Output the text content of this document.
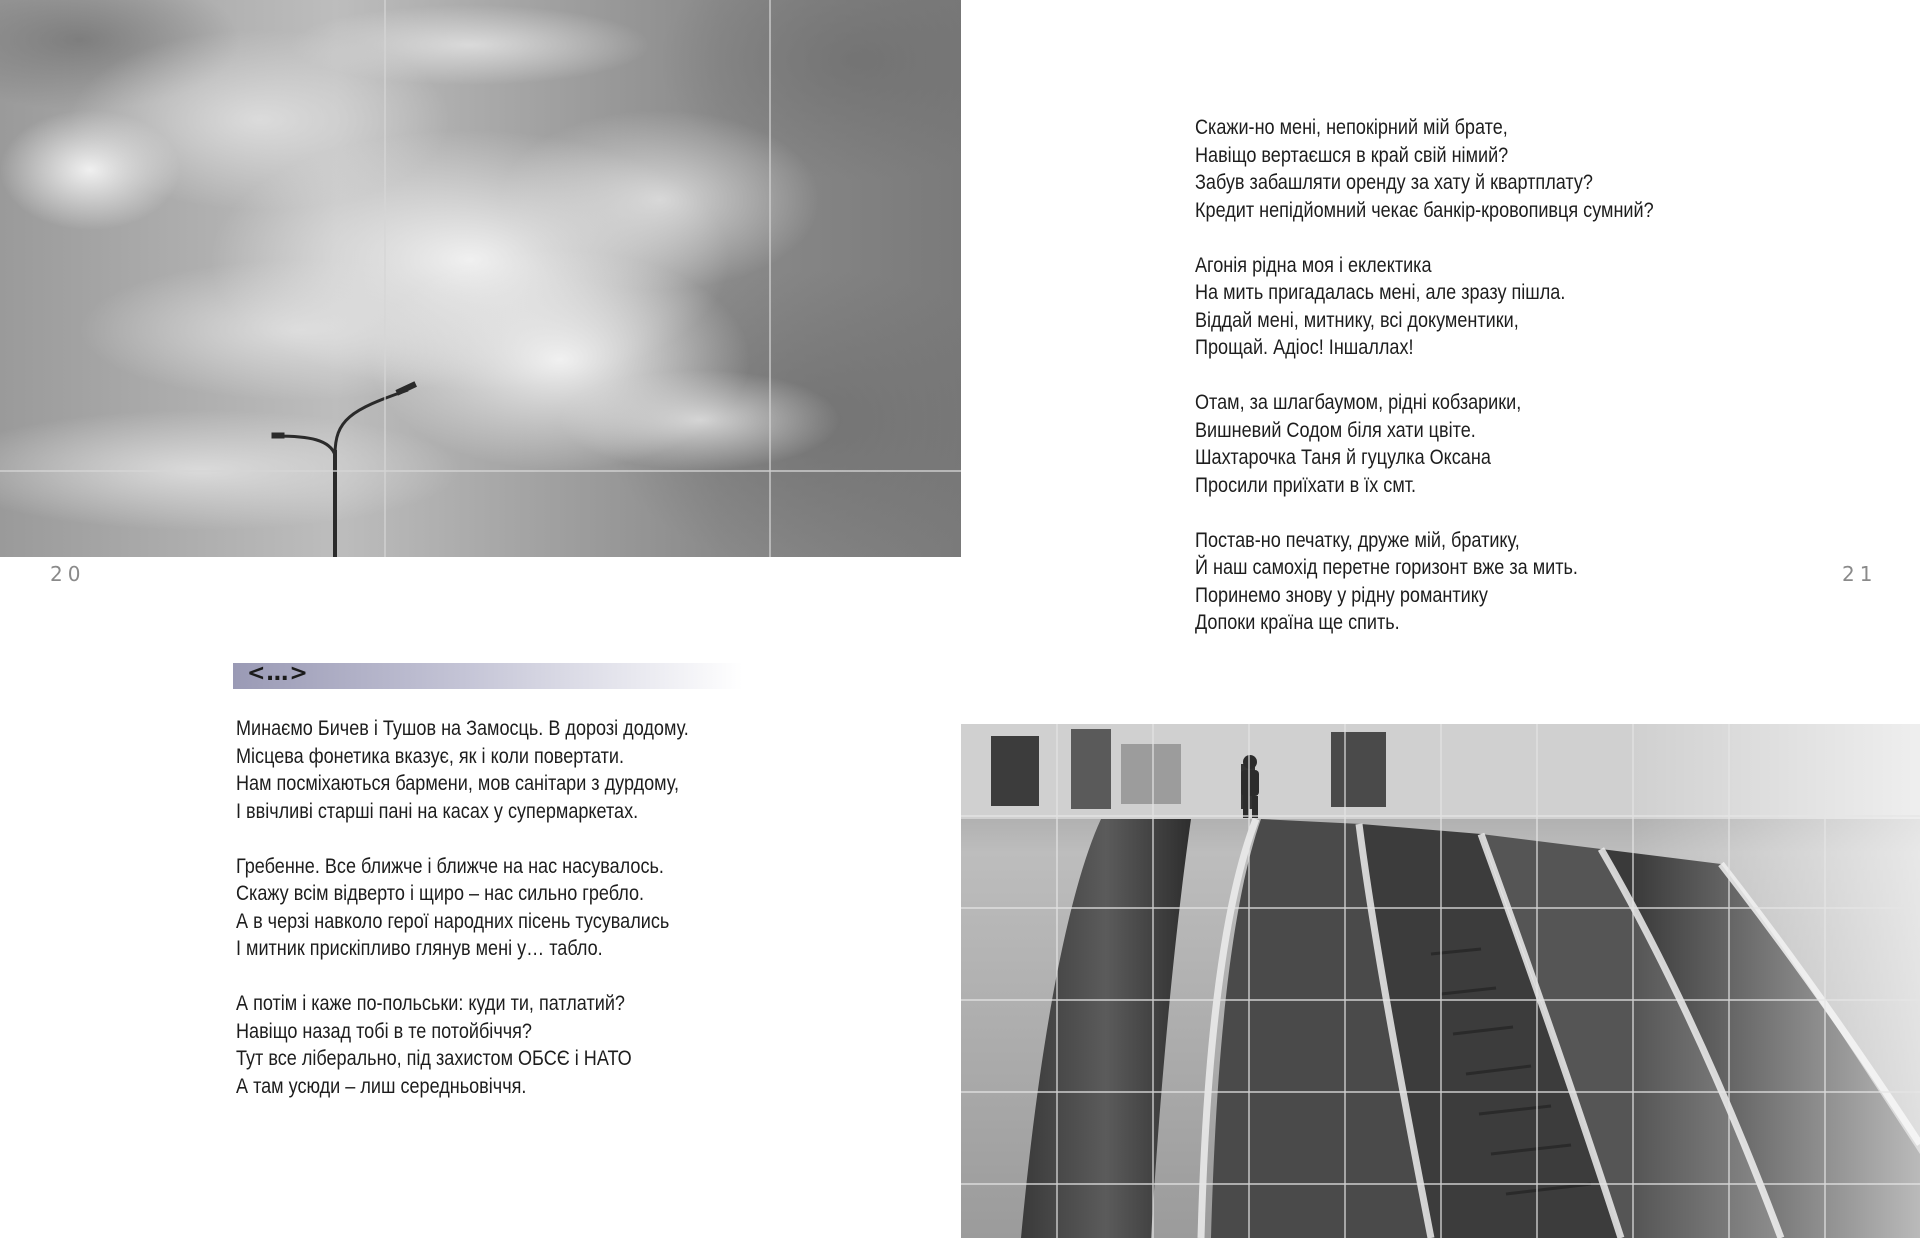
20	21
Скажи-но мені, непокірний мій брате,
Навіщо вертаєшся в край свій німий?
Забув забашляти оренду за хату й квартплату?
Кредит непідйомний чекає банкір-кровопивця сумний?
Агонія рідна моя і еклектика
На мить пригадалась мені, але зразу пішла.
Віддай мені, митнику, всі документики,
Прощай. Адіос! Іншаллах!
Отам, за шлагбаумом, рідні кобзарики,
Вишневий Содом біля хати цвіте.
Шахтарочка Таня й гуцулка Оксана
Просили приїхати в їх смт.
Постав-но печатку, друже мій, братику,
Й наш самохід перетне горизонт вже за мить.
Поринемо знову у рідну романтику
Допоки країна ще спить.
<…>
Минаємо Бичев і Тушов на Замосць. В дорозі додому.
Місцева фонетика вказує, як і коли повертати.
Нам посміхаються бармени, мов санітари з дурдому,
І ввічливі старші пані на касах у супермаркетах.
Гребенне. Все ближче і ближче на нас насувалось.
Скажу всім відверто і щиро – нас сильно гребло.
А в черзі навколо герої народних пісень тусувались
І митник прискіпливо глянув мені у… табло.
А потім і каже по-польськи: куди ти, патлатий?
Навіщо назад тобі в те потойбіччя?
Тут все ліберально, під захистом ОБСЄ і НАТО
А там усюди – лиш середньовіччя.
